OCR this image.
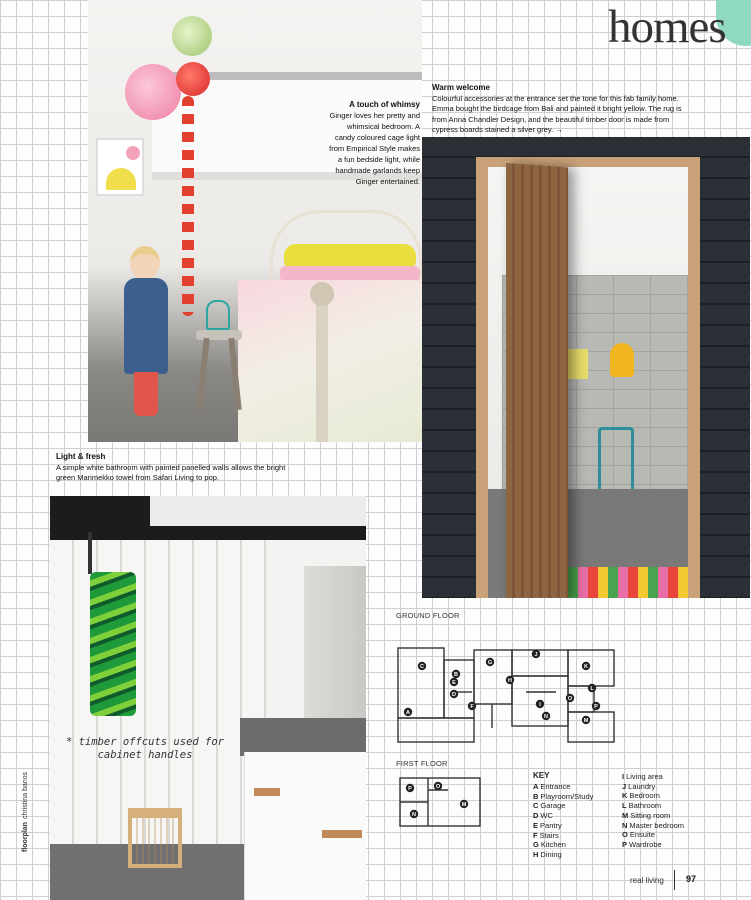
homes
A touch of whimsy
Ginger loves her pretty and whimsical bedroom. A candy coloured cage light from Empirical Style makes a fun bedside light, while handmade garlands keep Ginger entertained.
Warm welcome
Colourful accessories at the entrance set the tone for this fab family home. Emma bought the birdcage from Bali and painted it bright yellow. The rug is from Anna Chandler Design, and the beautiful timber door is made from cypress boards stained a silver grey. →
Light & fresh
A simple white bathroom with painted panelled walls allows the bright green Marimekko towel from Safari Living to pop.
* timber offcuts used for cabinet handles
GROUND FLOOR
A
B
C
D
E
F
G
H
I
J
K
L
M
N
O
P
FIRST FLOOR
P
N
O
M
KEY
A Entrance
B Playroom/Study
C Garage
D WC
E Pantry
F Stairs
G Kitchen
H Dining
I Living area
J Laundry
K Bedroom
L Bathroom
M Sitting room
N Master bedroom
O Ensuite
P Wardrobe
floorplanchristina banos
real living 97
